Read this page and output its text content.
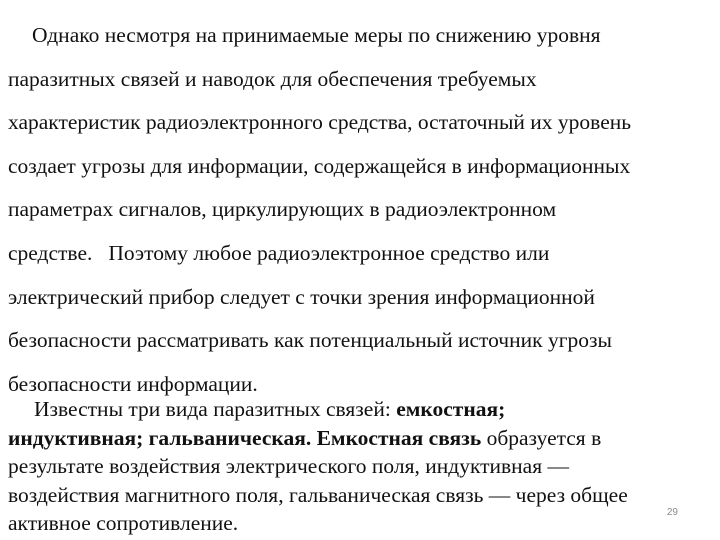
Однако несмотря на принимаемые меры по снижению уровня
паразитных связей и наводок для обеспечения требуемых
характеристик радиоэлектронного средства, остаточный их уровень
создает угрозы для информации, содержащейся в информационных
параметрах сигналов, циркулирующих в радиоэлектронном
средстве. Поэтому любое радиоэлектронное средство или
электрический прибор следует с точки зрения информационной
безопасности рассматривать как потенциальный источник угрозы
безопасности информации.
Известны три вида паразитных связей: емкостная;
индуктивная; гальваническая. Емкостная связь образуется в
результате воздействия электрического поля, индуктивная —
воздействия магнитного поля, гальваническая связь — через общее
активное сопротивление.	29
